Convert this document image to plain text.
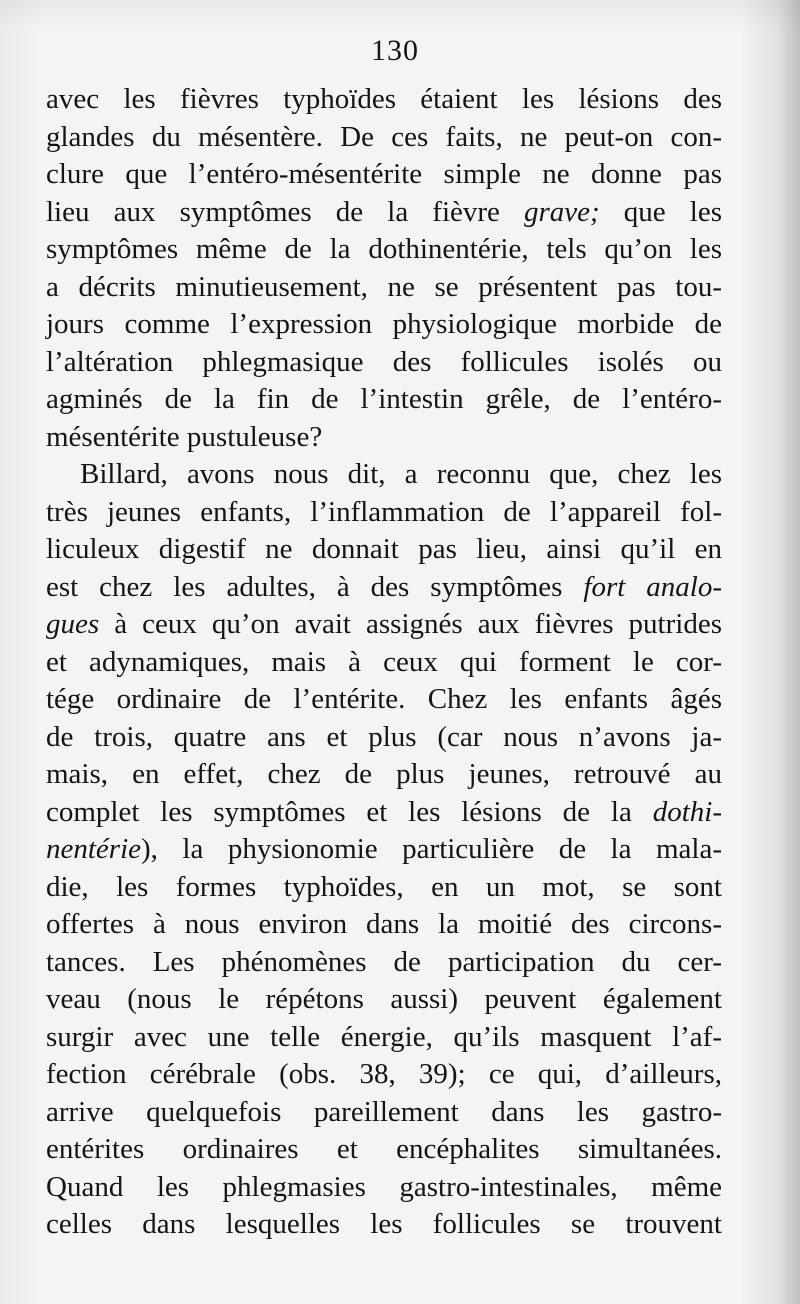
130
avec les fièvres typhoïdes étaient les lésions des
glandes du mésentère. De ces faits, ne peut-on con-
clure que l’entéro-mésentérite simple ne donne pas
lieu aux symptômes de la fièvre grave; que les
symptômes même de la dothinentérie, tels qu’on les
a décrits minutieusement, ne se présentent pas tou-
jours comme l’expression physiologique morbide de
l’altération phlegmasique des follicules isolés ou
agminés de la fin de l’intestin grêle, de l’entéro-
mésentérite pustuleuse?
Billard, avons nous dit, a reconnu que, chez les
très jeunes enfants, l’inflammation de l’appareil fol-
liculeux digestif ne donnait pas lieu, ainsi qu’il en
est chez les adultes, à des symptômes fort analo-
gues à ceux qu’on avait assignés aux fièvres putrides
et adynamiques, mais à ceux qui forment le cor-
tége ordinaire de l’entérite. Chez les enfants âgés
de trois, quatre ans et plus (car nous n’avons ja-
mais, en effet, chez de plus jeunes, retrouvé au
complet les symptômes et les lésions de la dothi-
nentérie), la physionomie particulière de la mala-
die, les formes typhoïdes, en un mot, se sont
offertes à nous environ dans la moitié des circons-
tances. Les phénomènes de participation du cer-
veau (nous le répétons aussi) peuvent également
surgir avec une telle énergie, qu’ils masquent l’af-
fection cérébrale (obs. 38, 39); ce qui, d’ailleurs,
arrive quelquefois pareillement dans les gastro-
entérites ordinaires et encéphalites simultanées.
Quand les phlegmasies gastro-intestinales, même
celles dans lesquelles les follicules se trouvent
